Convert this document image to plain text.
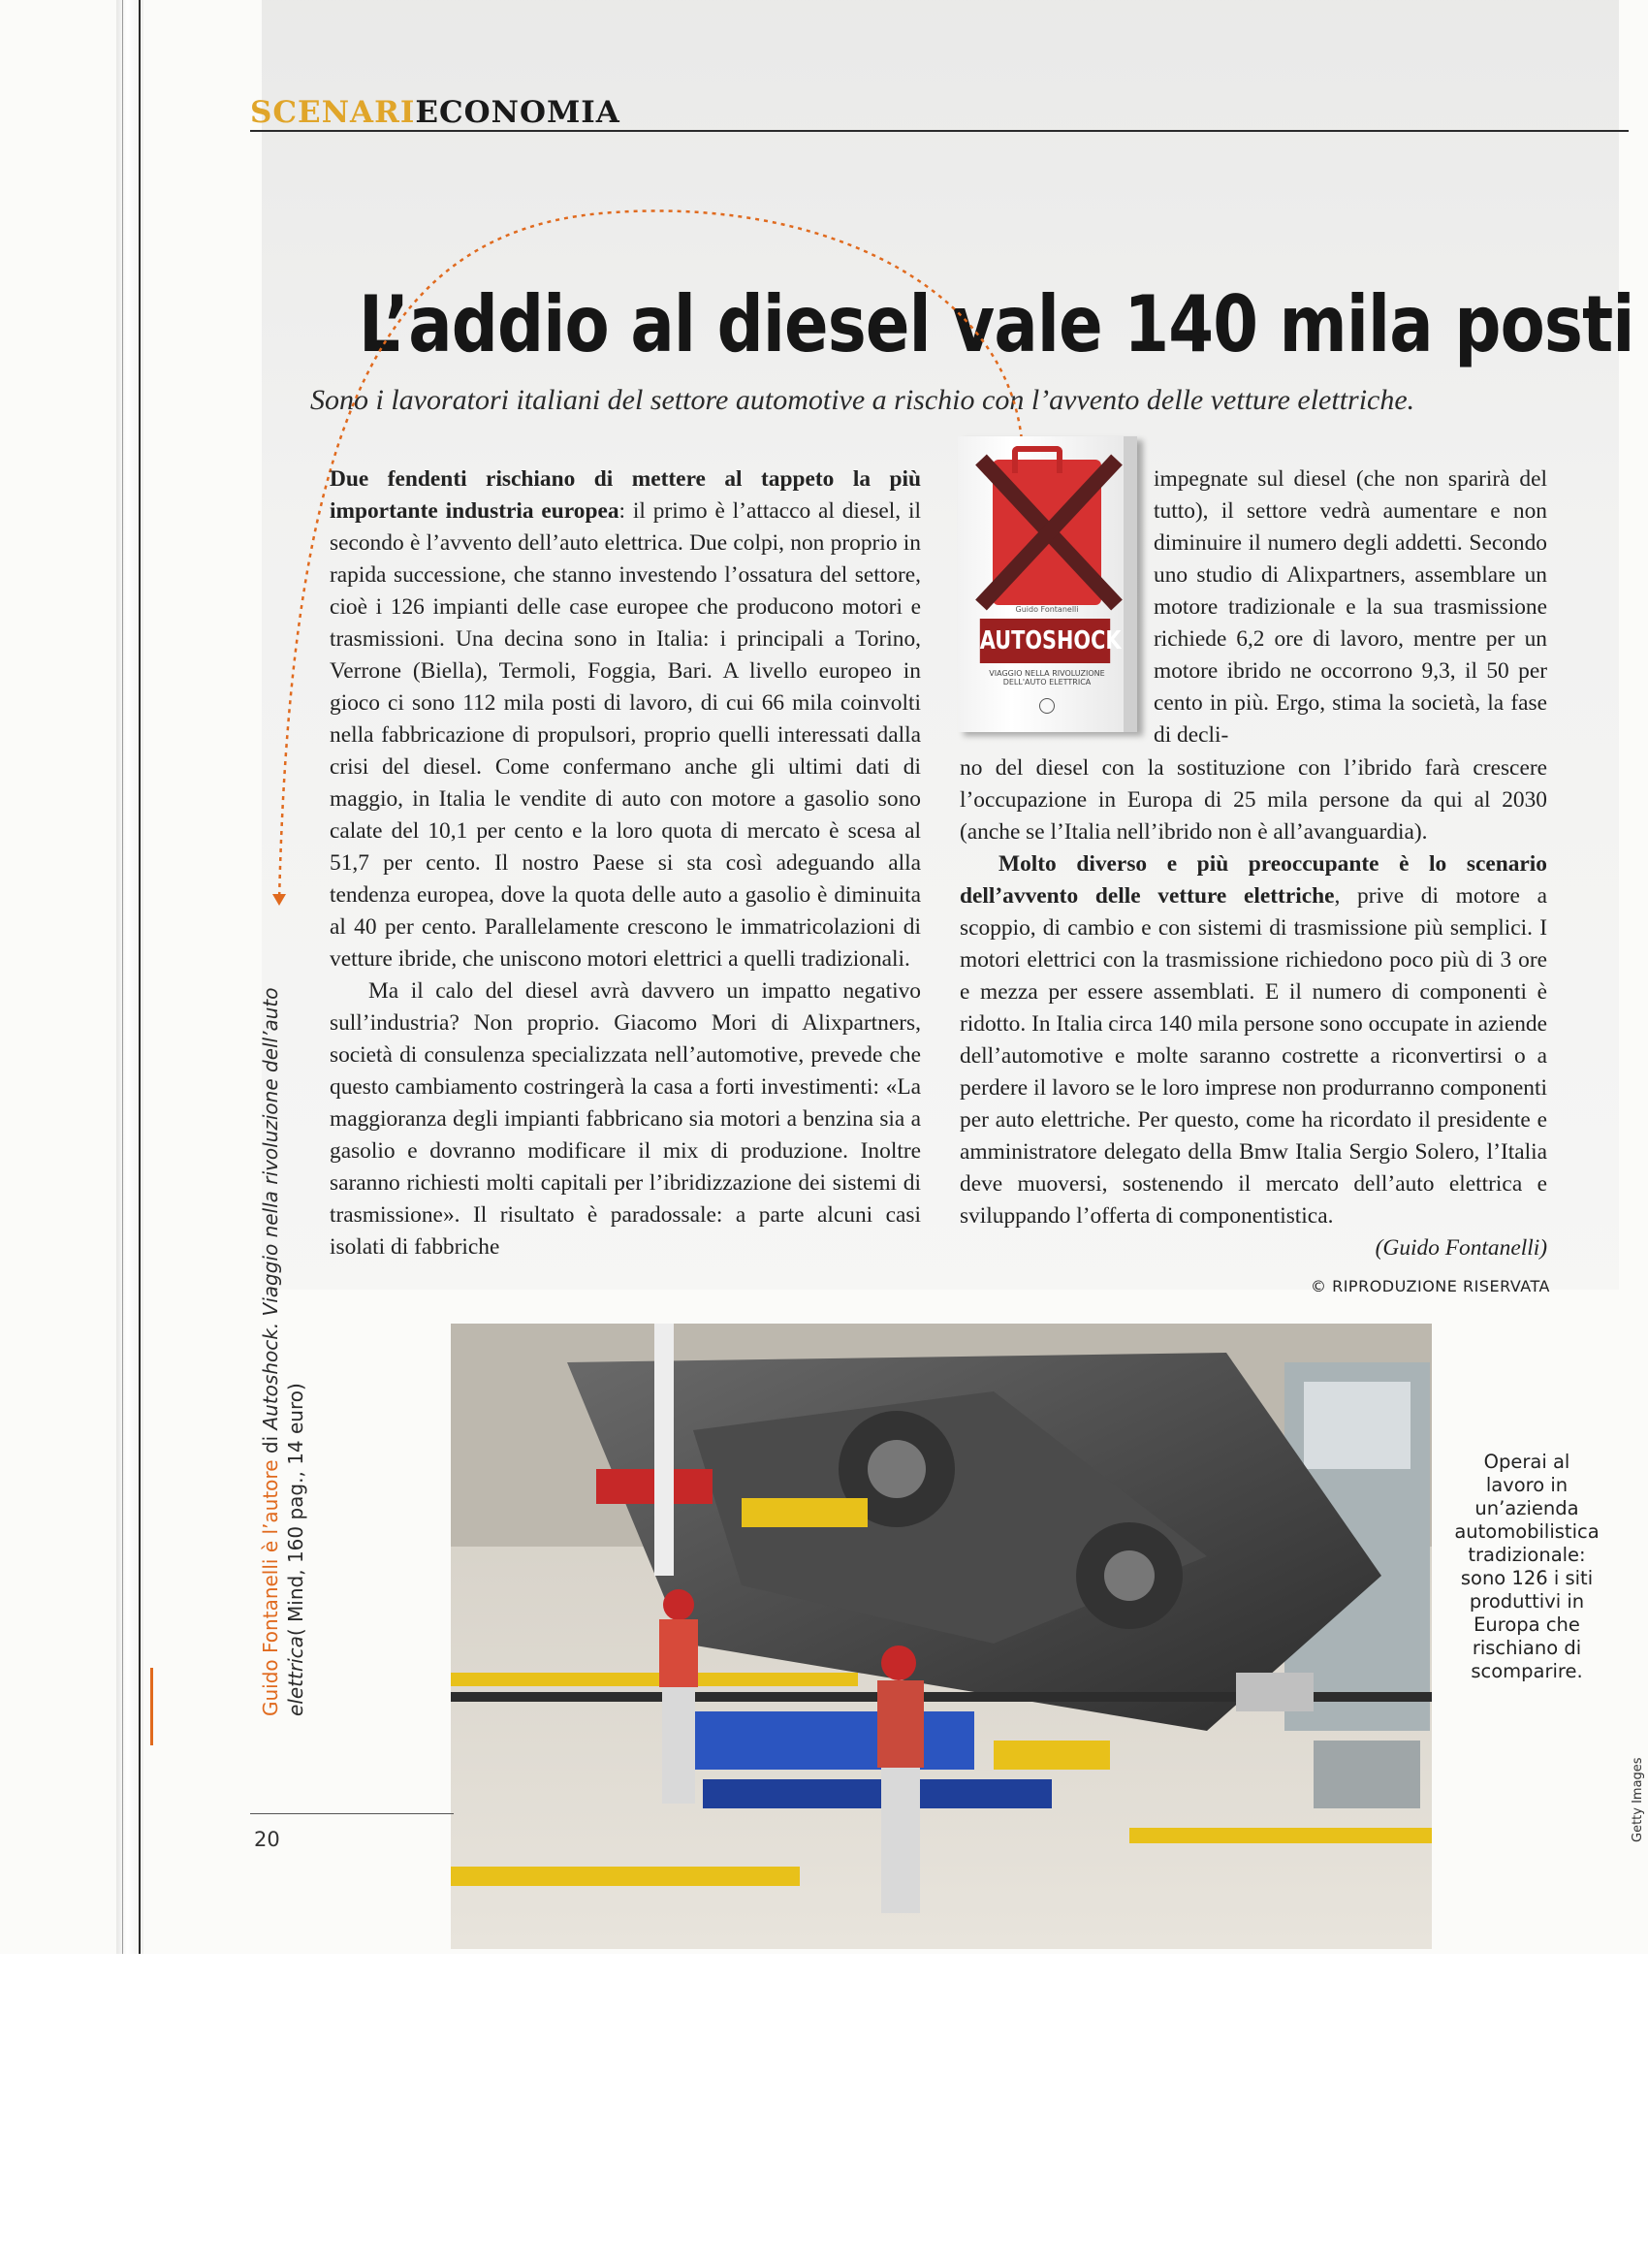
SCENARIECONOMIA
L’addio al diesel vale 140 mila posti
Sono i lavoratori italiani del settore automotive a rischio con l’avvento delle vetture elettriche.

Due fendenti rischiano di mettere al tappeto la più importante industria europea: il primo è l’attacco al diesel, il secondo è l’avvento dell’auto elettrica. Due colpi, non proprio in rapida successione, che stanno investendo l’ossatura del settore, cioè i 126 impianti delle case europee che producono motori e trasmissioni. Una decina sono in Italia: i principali a Torino, Verrone (Biella), Termoli, Foggia, Bari. A livello europeo in gioco ci sono 112 mila posti di lavoro, di cui 66 mila coinvolti nella fabbricazione di propulsori, proprio quelli interessati dalla crisi del diesel. Come confermano anche gli ultimi dati di maggio, in Italia le vendite di auto con motore a gasolio sono calate del 10,1 per cento e la loro quota di mercato è scesa al 51,7 per cento. Il nostro Paese si sta così adeguando alla tendenza europea, dove la quota delle auto a gasolio è diminuita al 40 per cento. Parallelamente crescono le immatricolazioni di vetture ibride, che uniscono motori elettrici a quelli tradizionali.

Ma il calo del diesel avrà davvero un impatto negativo sull’industria? Non proprio. Giacomo Mori di Alixpartners, società di consulenza specializzata nell’automotive, prevede che questo cambiamento costringerà la casa a forti investimenti: «La maggioranza degli impianti fabbricano sia motori a benzina sia a gasolio e dovranno modificare il mix di produzione. Inoltre saranno richiesti molti capitali per l’ibridizzazione dei sistemi di trasmissione». Il risultato è paradossale: a parte alcuni casi isolati di fabbriche

impegnate sul diesel (che non sparirà del tutto), il settore vedrà aumentare e non diminuire il numero degli addetti. Secondo uno studio di Alixpartners, assemblare un motore tradizionale e la sua trasmissione richiede 6,2 ore di lavoro, mentre per un motore ibrido ne occorrono 9,3, il 50 per cento in più. Ergo, stima la società, la fase di decli-

no del diesel con la sostituzione con l’ibrido farà crescere l’occupazione in Europa di 25 mila persone da qui al 2030 (anche se l’Italia nell’ibrido non è all’avanguardia).

Molto diverso e più preoccupante è lo scenario dell’avvento delle vetture elettriche, prive di motore a scoppio, di cambio e con sistemi di trasmissione più semplici. I motori elettrici con la trasmissione richiedono poco più di 3 ore e mezza per essere assemblati. E il numero di componenti è ridotto. In Italia circa 140 mila persone sono occupate in aziende dell’automotive e molte saranno costrette a riconvertirsi o a perdere il lavoro se le loro imprese non produrranno componenti per auto elettriche. Per questo, come ha ricordato il presidente e amministratore delegato della Bmw Italia Sergio Solero, l’Italia deve muoversi, sostenendo il mercato dell’auto elettrica e sviluppando l’offerta di componentistica.

(Guido Fontanelli)

© RIPRODUZIONE RISERVATA
Guido Fontanelli
AUTOSHOCK
VIAGGIO NELLA RIVOLUZIONE DELL'AUTO ELETTRICA
Guido Fontanelli è l’autore di Autoshock. Viaggio nella rivoluzione dell’auto elettrica( Mind, 160 pag., 14 euro)	Operai al lavoro in un’azienda automobilistica tradizionale: sono 126 i siti produttivi in Europa che rischiano di scomparire.
Getty Images
20
